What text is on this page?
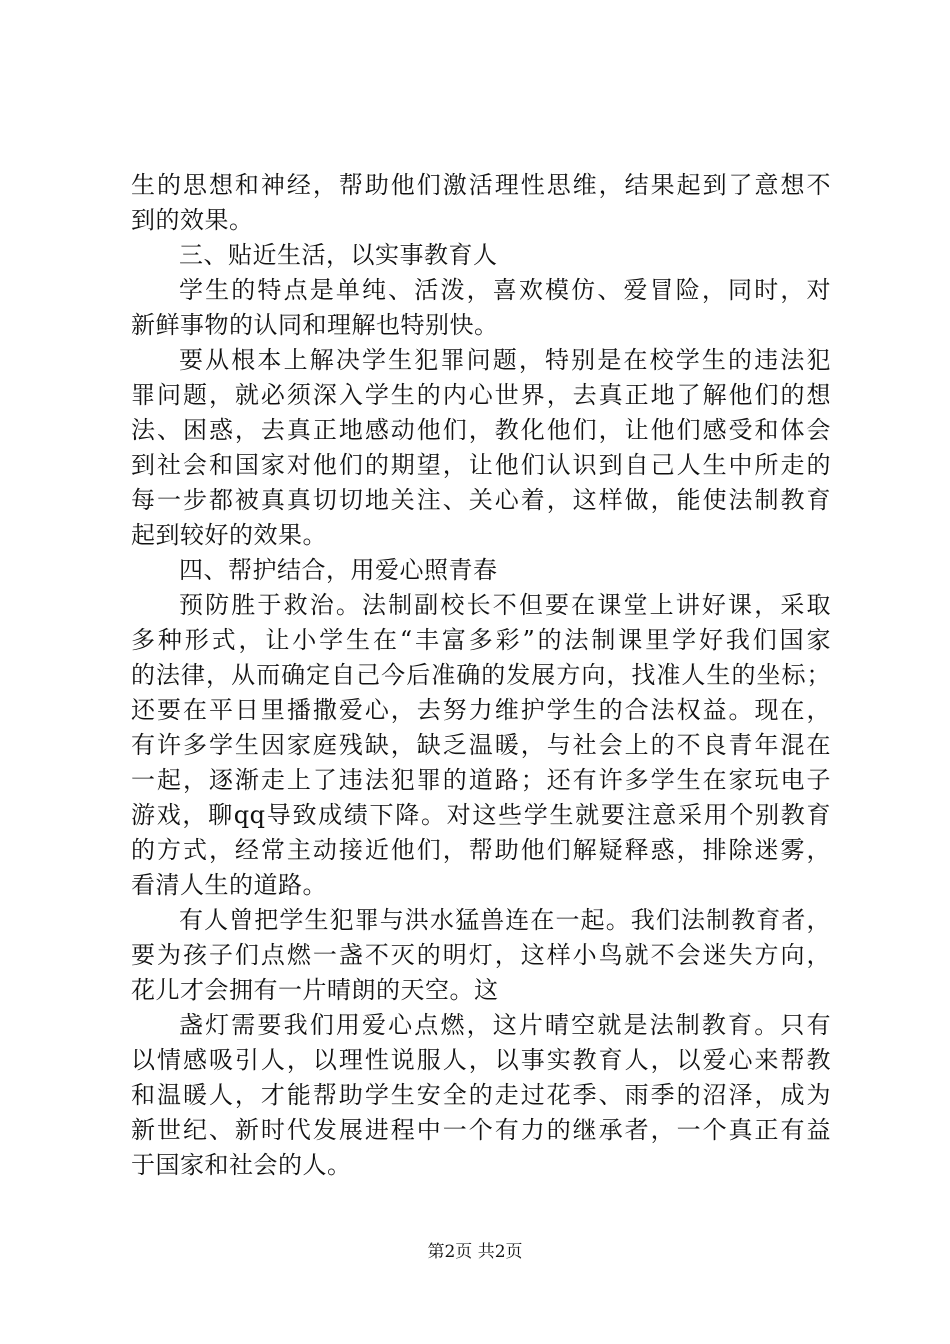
生的思想和神经，帮助他们激活理性思维，结果起到了意想不
到的效果。
三、贴近生活，以实事教育人
学生的特点是单纯、活泼，喜欢模仿、爱冒险，同时，对
新鲜事物的认同和理解也特别快。
要从根本上解决学生犯罪问题，特别是在校学生的违法犯
罪问题，就必须深入学生的内心世界，去真正地了解他们的想
法、困惑，去真正地感动他们，教化他们，让他们感受和体会
到社会和国家对他们的期望，让他们认识到自己人生中所走的
每一步都被真真切切地关注、关心着，这样做，能使法制教育
起到较好的效果。
四、帮护结合，用爱心照青春
预防胜于救治。法制副校长不但要在课堂上讲好课，采取
多种形式，让小学生在“丰富多彩”的法制课里学好我们国家
的法律，从而确定自己今后准确的发展方向，找准人生的坐标；
还要在平日里播撒爱心，去努力维护学生的合法权益。现在，
有许多学生因家庭残缺，缺乏温暖，与社会上的不良青年混在
一起，逐渐走上了违法犯罪的道路；还有许多学生在家玩电子
游戏，聊qq导致成绩下降。对这些学生就要注意采用个别教育
的方式，经常主动接近他们，帮助他们解疑释惑，排除迷雾，
看清人生的道路。
有人曾把学生犯罪与洪水猛兽连在一起。我们法制教育者，
要为孩子们点燃一盏不灭的明灯，这样小鸟就不会迷失方向，
花儿才会拥有一片晴朗的天空。这
盏灯需要我们用爱心点燃，这片晴空就是法制教育。只有
以情感吸引人，以理性说服人，以事实教育人，以爱心来帮教
和温暖人，才能帮助学生安全的走过花季、雨季的沼泽，成为
新世纪、新时代发展进程中一个有力的继承者，一个真正有益
于国家和社会的人。
第2页 共2页
